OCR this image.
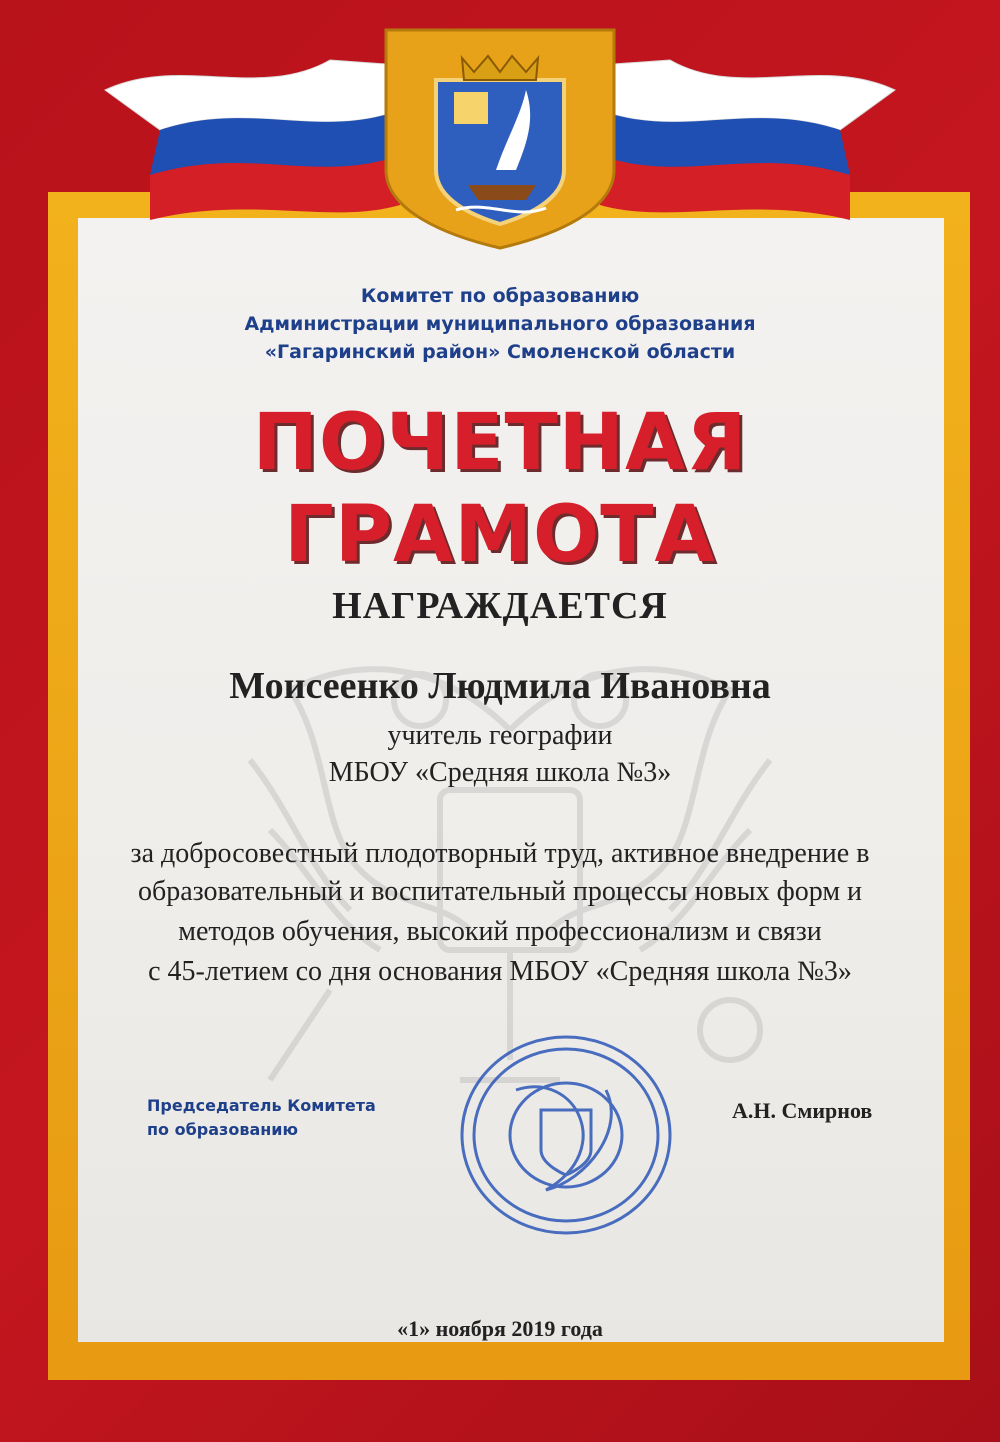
Комитет по образованию
Администрации муниципального образования
«Гагаринский район» Смоленской области
ПОЧЕТНАЯ
ГРАМОТА
НАГРАЖДАЕТСЯ
Моисеенко Людмила Ивановна
учитель географии
МБОУ «Средняя школа №3»
за добросовестный плодотворный труд, активное внедрение в
образовательный и воспитательный процессы новых форм и
методов обучения, высокий профессионализм и связи
с 45-летием со дня основания МБОУ «Средняя школа №3»
Председатель Комитета
по образованию
А.Н. Смирнов
«1» ноября 2019 года
